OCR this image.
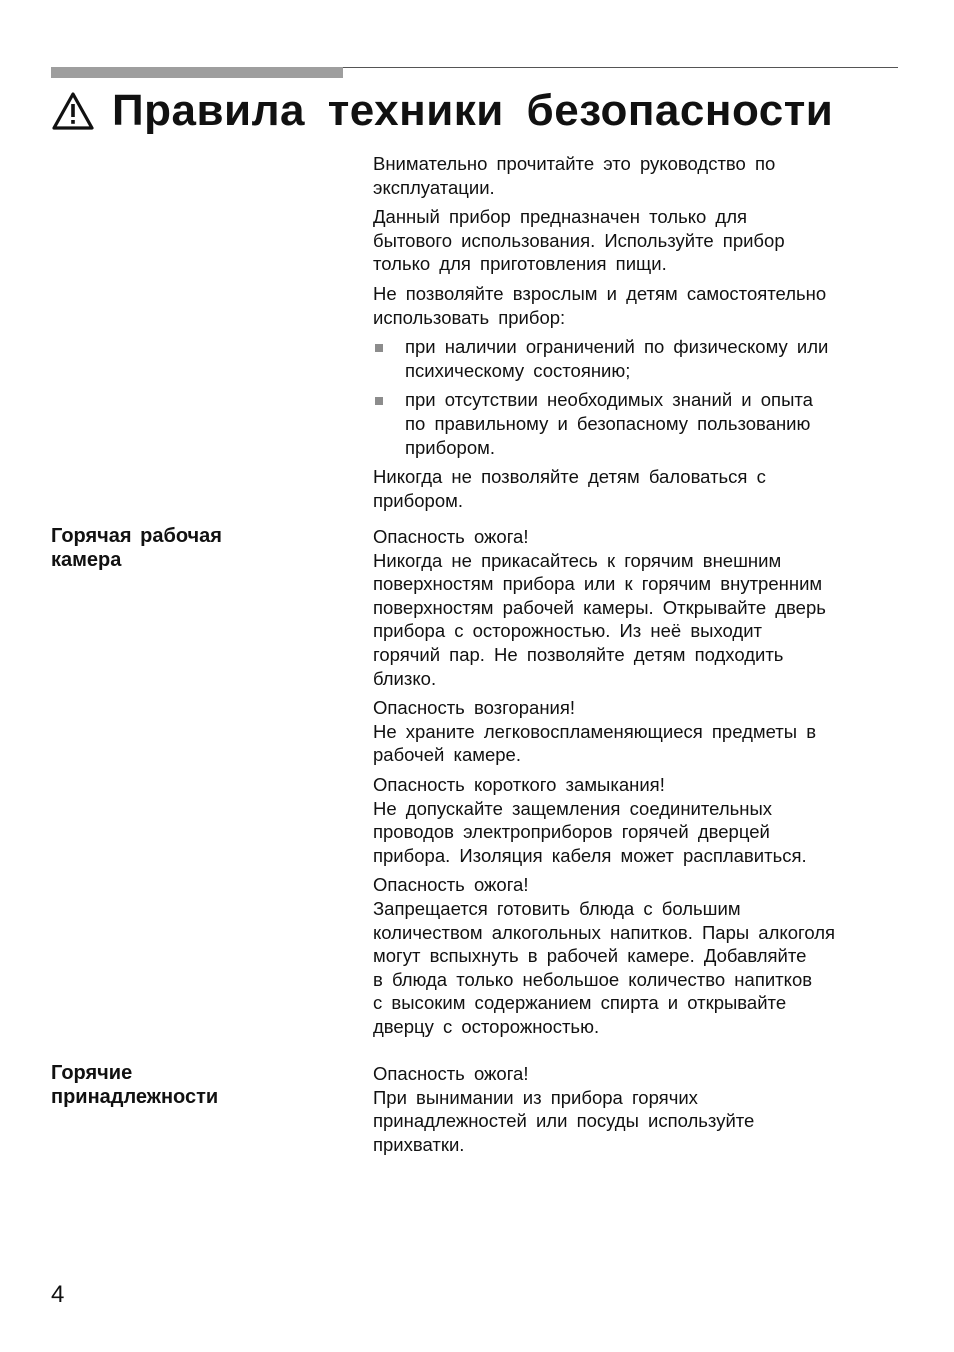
Правила техники безопасности
Внимательно прочитайте это руководство по
эксплуатации.
Данный прибор предназначен только для
бытового использования. Используйте прибор
только для приготовления пищи.
Не позволяйте взрослым и детям самостоятельно
использовать прибор:
при наличии ограничений по физическому или
психическому состоянию;
при отсутствии необходимых знаний и опыта
по правильному и безопасному пользованию
прибором.
Никогда не позволяйте детям баловаться с
прибором.
Горячая рабочая
камера
Опасность ожога!
Никогда не прикасайтесь к горячим внешним
поверхностям прибора или к горячим внутренним
поверхностям рабочей камеры. Открывайте дверь
прибора с осторожностью. Из неё выходит
горячий пар. Не позволяйте детям подходить
близко.
Опасность возгорания!
Не храните легковоспламеняющиеся предметы в
рабочей камере.
Опасность короткого замыкания!
Не допускайте защемления соединительных
проводов электроприборов горячей дверцей
прибора. Изоляция кабеля может расплавиться.
Опасность ожога!
Запрещается готовить блюда с большим
количеством алкогольных напитков. Пары алкоголя
могут вспыхнуть в рабочей камере. Добавляйте
в блюда только небольшое количество напитков
с высоким содержанием спирта и открывайте
дверцу с осторожностью.
Горячие
принадлежности
Опасность ожога!
При вынимании из прибора горячих
принадлежностей или посуды используйте
прихватки.
4
